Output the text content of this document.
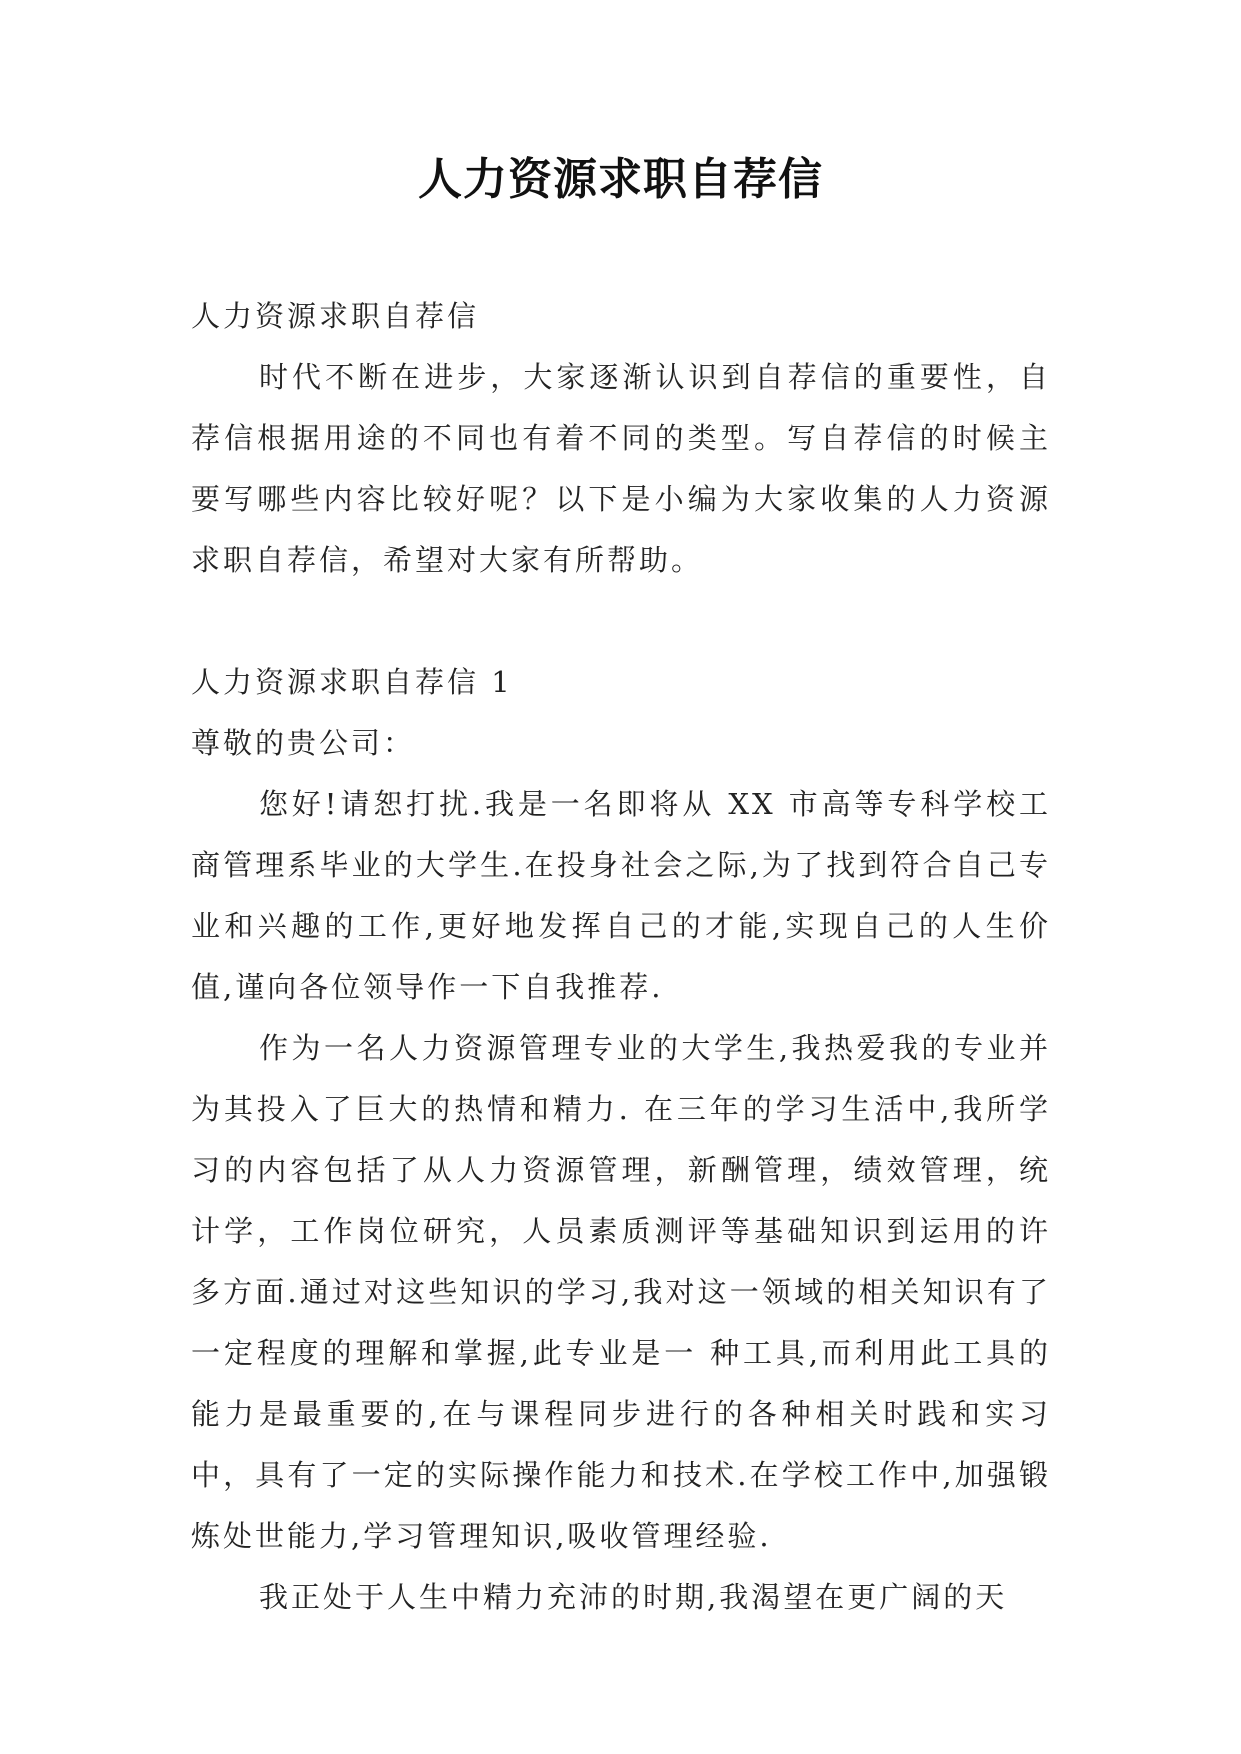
人力资源求职自荐信

人力资源求职自荐信

时代不断在进步，大家逐渐认识到自荐信的重要性，自荐信根据用途的不同也有着不同的类型。写自荐信的时候主要写哪些内容比较好呢？以下是小编为大家收集的人力资源求职自荐信，希望对大家有所帮助。

人力资源求职自荐信 1

尊敬的贵公司：

您好!请恕打扰.我是一名即将从 XX 市高等专科学校工商管理系毕业的大学生.在投身社会之际,为了找到符合自己专业和兴趣的工作,更好地发挥自己的才能,实现自己的人生价值,谨向各位领导作一下自我推荐.

作为一名人力资源管理专业的大学生,我热爱我的专业并为其投入了巨大的热情和精力. 在三年的学习生活中,我所学习的内容包括了从人力资源管理，新酬管理，绩效管理，统计学，工作岗位研究，人员素质测评等基础知识到运用的许多方面.通过对这些知识的学习,我对这一领域的相关知识有了一定程度的理解和掌握,此专业是一 种工具,而利用此工具的能力是最重要的,在与课程同步进行的各种相关时践和实习中，具有了一定的实际操作能力和技术.在学校工作中,加强锻炼处世能力,学习管理知识,吸收管理经验.

我正处于人生中精力充沛的时期,我渴望在更广阔的天
